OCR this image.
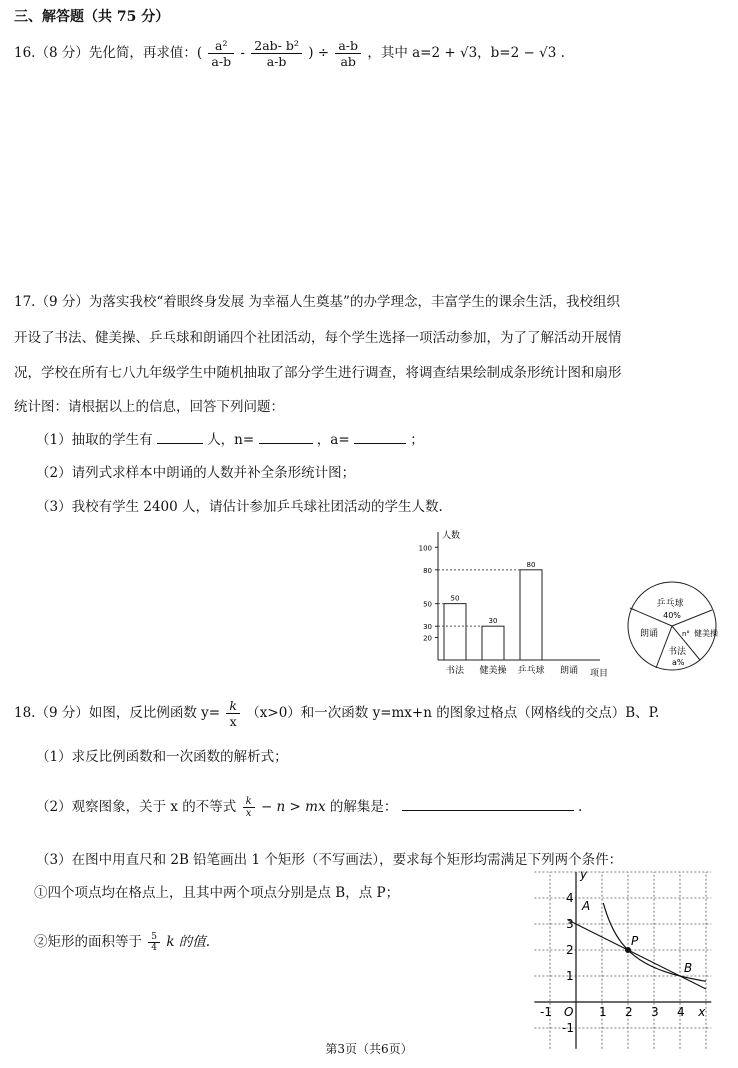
三、解答题（共 75 分）
16.（8 分）先化简，再求值：( $\frac{\text{a²}}{a-b} - \frac{\text{2ab- b²}}{a-b}$ ) ÷ $\frac{a-b}{ab}$ ，其中 a=2 + √3，b=2 − √3 .
17.（9 分）为落实我校“着眼终身发展 为幸福人生奠基”的办学理念，丰富学生的课余生活，我校组织
开设了书法、健美操、乒乓球和朗诵四个社团活动，每个学生选择一项活动参加，为了了解活动开展情
况，学校在所有七八九年级学生中随机抽取了部分学生进行调查，将调查结果绘制成条形统计图和扇形
统计图：请根据以上的信息，回答下列问题：
（1）抽取的学生有	人，n=	，a=	；
（2）请列式求样本中朗诵的人数并补全条形统计图；
（3）我校有学生 2400 人，请估计参加乒乓球社团活动的学生人数.
人数
项目
20
30
50
80
100
50
书法
30
健美操
80
乒乓球 朗诵
乒乓球
40%
朗诵
书法
a%
健美操
n°
18.（9 分）如图，反比例函数 $y= \frac{k}{x} (x>0)$和一次函数 y=mx+n 的图象过格点（网格线的交点）B、P.
（1）求反比例函数和一次函数的解析式；
（2）观察图象，关于 x 的不等式 $\frac{k}{x} - n$ > mx 的解集是：	.
（3）在图中用直尺和 2B 铅笔画出 1 个矩形（不写画法），要求每个矩形均需满足下列两个条件：
①四个项点均在格点上，且其中两个项点分别是点 B，点 P；
②矩形的面积等于 $\frac{5}{4}$ k 的值.
y
x
O
-1	1 2 3 4
4
3
2
1
-1
P
B
A
第3页（共6页）
